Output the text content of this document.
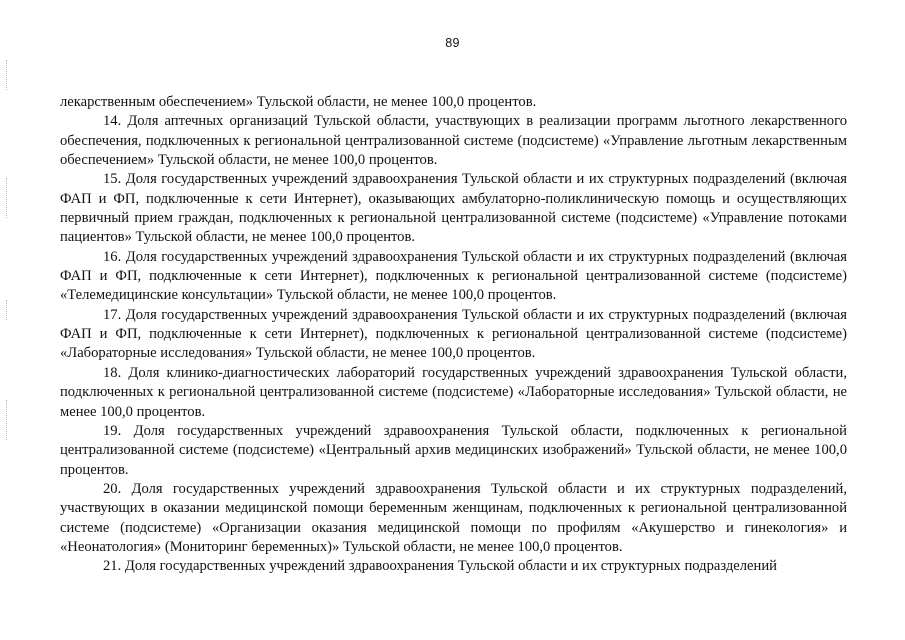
89

лекарственным обеспечением» Тульской области, не менее 100,0 процентов.

14. Доля аптечных организаций Тульской области, участвующих в реализации программ льготного лекарственного обеспечения, подключенных к региональной централизованной системе (подсистеме) «Управление льготным лекарственным обеспечением» Тульской области, не менее 100,0 процентов.

15. Доля государственных учреждений здравоохранения Тульской области и их структурных подразделений (включая ФАП и ФП, подключенные к сети Интернет), оказывающих амбулаторно-поликлиническую помощь и осуществляющих первичный прием граждан, подключенных к региональной централизованной системе (подсистеме) «Управление потоками пациентов» Тульской области, не менее 100,0 процентов.

16. Доля государственных учреждений здравоохранения Тульской области и их структурных подразделений (включая ФАП и ФП, подключенные к сети Интернет), подключенных к региональной централизованной системе (подсистеме) «Телемедицинские консультации» Тульской области, не менее 100,0 процентов.

17. Доля государственных учреждений здравоохранения Тульской области и их структурных подразделений (включая ФАП и ФП, подключенные к сети Интернет), подключенных к региональной централизованной системе (подсистеме) «Лабораторные исследования» Тульской области, не менее 100,0 процентов.

18. Доля клинико-диагностических лабораторий государственных учреждений здравоохранения Тульской области, подключенных к региональной централизованной системе (подсистеме) «Лабораторные исследования» Тульской области, не менее 100,0 процентов.

19. Доля государственных учреждений здравоохранения Тульской области, подключенных к региональной централизованной системе (подсистеме) «Центральный архив медицинских изображений» Тульской области, не менее 100,0 процентов.

20. Доля государственных учреждений здравоохранения Тульской области и их структурных подразделений, участвующих в оказании медицинской помощи беременным женщинам, подключенных к региональной централизованной системе (подсистеме) «Организации оказания медицинской помощи по профилям «Акушерство и гинекология» и «Неонатология» (Мониторинг беременных)» Тульской области, не менее 100,0 процентов.

21. Доля государственных учреждений здравоохранения Тульской области и их структурных подразделений
